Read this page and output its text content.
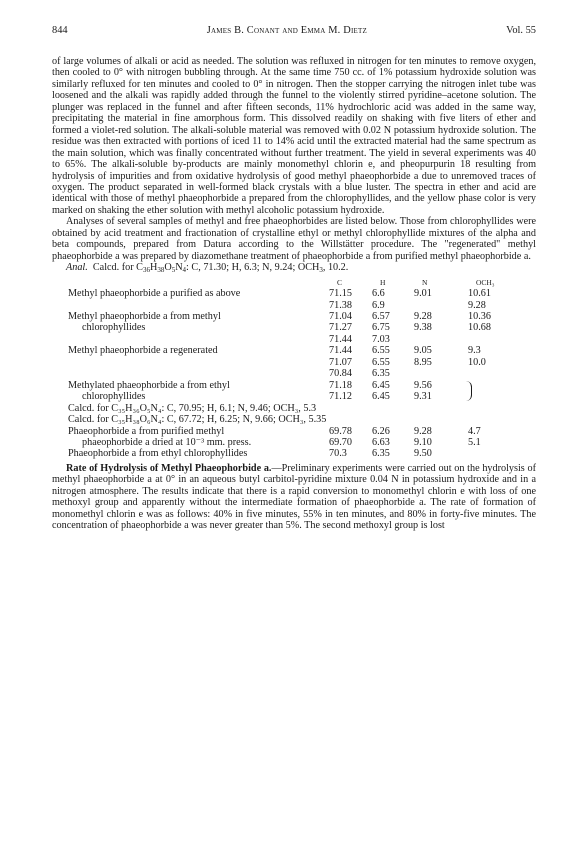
844	James B. Conant and Emma M. Dietz	Vol. 55

of large volumes of alkali or acid as needed. The solution was refluxed in nitrogen for ten minutes to remove oxygen, then cooled to 0° with nitrogen bubbling through. At the same time 750 cc. of 1% potassium hydroxide solution was similarly refluxed for ten minutes and cooled to 0° in nitrogen. Then the stopper carrying the nitrogen inlet tube was loosened and the alkali was rapidly added through the funnel to the violently stirred pyridine–acetone solution. The plunger was replaced in the funnel and after fifteen seconds, 11% hydrochloric acid was added in the same way, precipitating the material in fine amorphous form. This dissolved readily on shaking with five liters of ether and formed a violet-red solution. The alkali-soluble material was removed with 0.02 N potassium hydroxide solution. The residue was then extracted with portions of iced 11 to 14% acid until the extracted material had the same spectrum as the main solution, which was finally concentrated without further treatment. The yield in several experiments was 40 to 65%. The alkali-soluble by-products are mainly monomethyl chlorin e, and pheopurpurin 18 resulting from hydrolysis of impurities and from oxidative hydrolysis of good methyl phaeophorbide a due to unremoved traces of oxygen. The product separated in well-formed black crystals with a blue luster. The spectra in ether and acid are identical with those of methyl phaeophorbide a prepared from the chlorophyllides, and the yellow phase color is very marked on shaking the ether solution with methyl alcoholic potassium hydroxide.

Analyses of several samples of methyl and free phaeophorbides are listed below. Those from chlorophyllides were obtained by acid treatment and fractionation of crystalline ethyl or methyl chlorophyllide mixtures of the alpha and beta compounds, prepared from Datura according to the Willstätter procedure. The "regenerated" methyl phaeophorbide a was prepared by diazomethane treatment of phaeophorbide a from purified methyl phaeophorbide a.

Anal. Calcd. for $C_{36}H_{38}O_5N_4$: C, 71.30; H, 6.3; N, 9.24; $OCH_3$, 10.2.

	C	H	N	OCH₃
Methyl phaeophorbide a purified as above	71.15	6.6	9.01	10.61
	71.38	6.9		9.28
Methyl phaeophorbide a from methyl	71.04	6.57	9.28	10.36

chlorophyllides	71.27	6.75	9.38	10.68
	71.44	7.03		
Methyl phaeophorbide a regenerated	71.44	6.55	9.05	9.3
	71.07	6.55	8.95	10.0
	70.84	6.35		
Methylated phaeophorbide a from ethyl	71.18	6.45	9.56

chlorophyllides	71.12	6.45	9.31	

Calcd. for C₃₅H₃₆O₅N₄: C, 70.95; H, 6.1; N, 9.46; OCH₃, 5.3

Calcd. for C₃₅H₃₈O₆N₄: C, 67.72; H, 6.25; N, 9.66; OCH₃, 5.35

Phaeophorbide a from purified methyl	69.78	6.26	9.28	4.7

phaeophorbide a dried at 10⁻³ mm. press.	69.70	6.63	9.10	5.1
Phaeophorbide a from ethyl chlorophyllides	70.3	6.35	9.50	

Rate of Hydrolysis of Methyl Phaeophorbide a.—Preliminary experiments were carried out on the hydrolysis of methyl phaeophorbide a at 0° in an aqueous butyl carbitol-pyridine mixture 0.04 N in potassium hydroxide and in a nitrogen atmosphere. The results indicate that there is a rapid conversion to monomethyl chlorin e with loss of one methoxyl group and apparently without the intermediate formation of phaeophorbide a. The rate of formation of monomethyl chlorin e was as follows: 40% in five minutes, 55% in ten minutes, and 80% in forty-five minutes. The concentration of phaeophorbide a was never greater than 5%. The second methoxyl group is lost
